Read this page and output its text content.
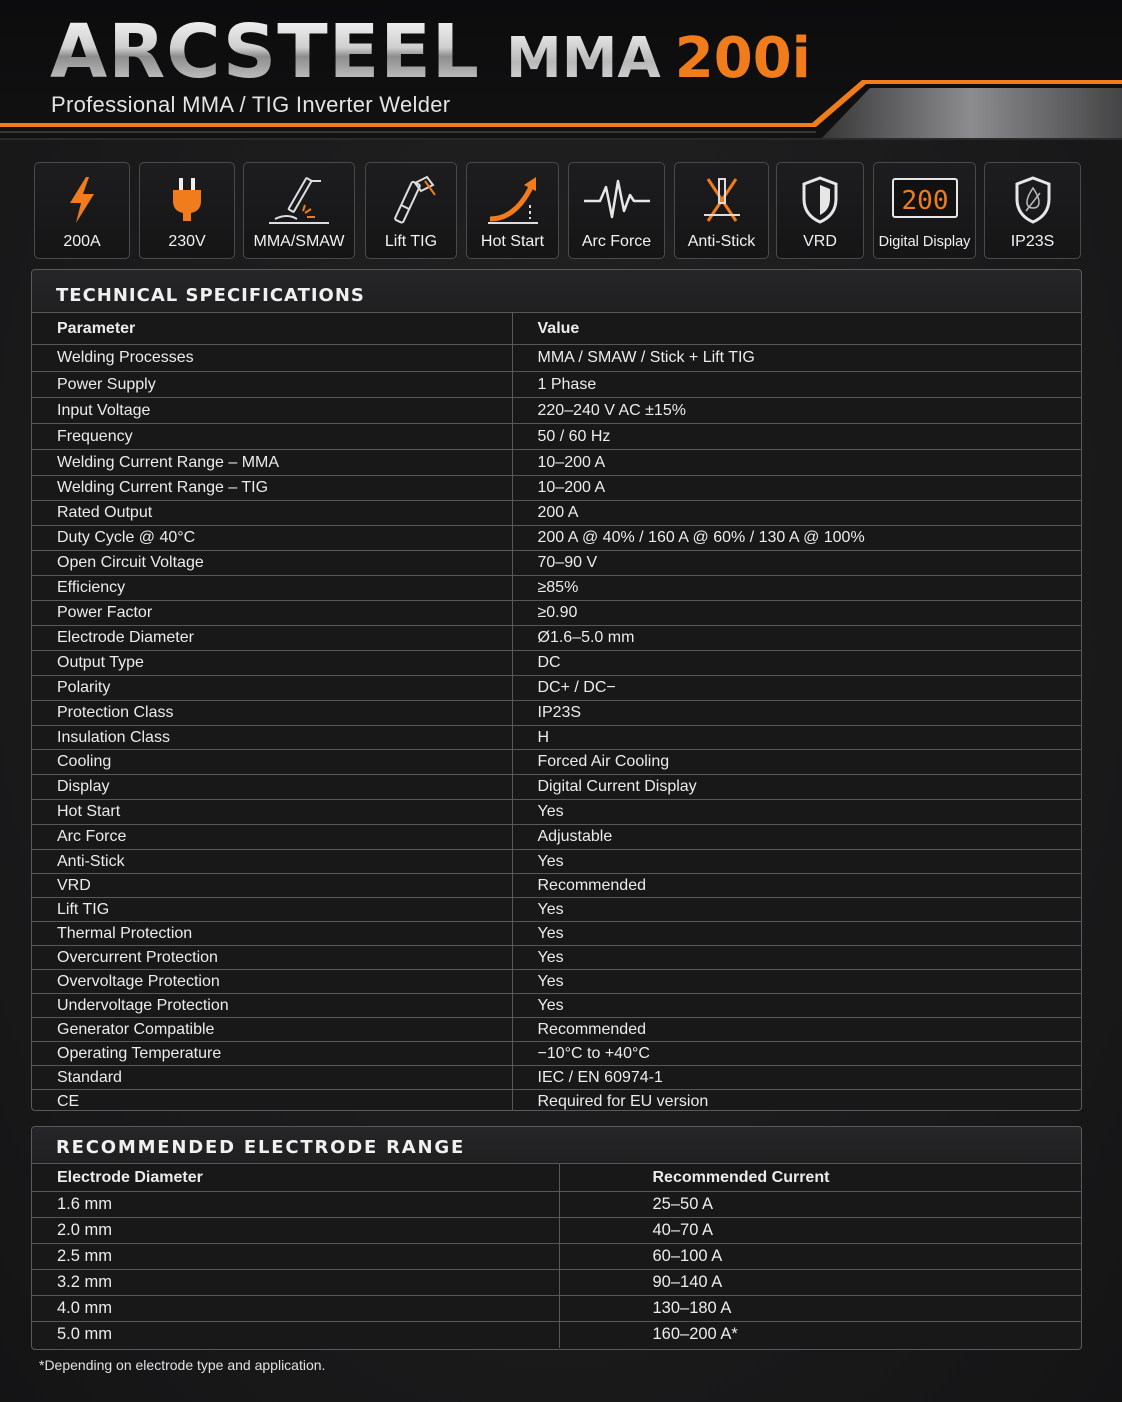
ARCSTEEL MMA 200i
Professional MMA / TIG Inverter Welder
200A	230V	MMA/SMAW	Lift TIG	Hot Start	Arc Force	Anti-Stick	VRD
200
Digital Display	IP23S
TECHNICAL SPECIFICATIONS
Parameter	Value
Welding Processes	MMA / SMAW / Stick + Lift TIG
Power Supply	1 Phase
Input Voltage	220–240 V AC ±15%
Frequency	50 / 60 Hz
Welding Current Range – MMA	10–200 A
Welding Current Range – TIG	10–200 A
Rated Output	200 A
Duty Cycle @ 40°C	200 A @ 40% / 160 A @ 60% / 130 A @ 100%
Open Circuit Voltage	70–90 V
Efficiency	≥85%
Power Factor	≥0.90
Electrode Diameter	Ø1.6–5.0 mm
Output Type	DC
Polarity	DC+ / DC−
Protection Class	IP23S
Insulation Class	H
Cooling	Forced Air Cooling
Display	Digital Current Display
Hot Start	Yes
Arc Force	Adjustable
Anti-Stick	Yes
VRD	Recommended
Lift TIG	Yes
Thermal Protection	Yes
Overcurrent Protection	Yes
Overvoltage Protection	Yes
Undervoltage Protection	Yes
Generator Compatible	Recommended
Operating Temperature	−10°C to +40°C
Standard	IEC / EN 60974-1
CE	Required for EU version
RECOMMENDED ELECTRODE RANGE
Electrode Diameter	Recommended Current
1.6 mm	25–50 A
2.0 mm	40–70 A
2.5 mm	60–100 A
3.2 mm	90–140 A
4.0 mm	130–180 A
5.0 mm	160–200 A*
*Depending on electrode type and application.
